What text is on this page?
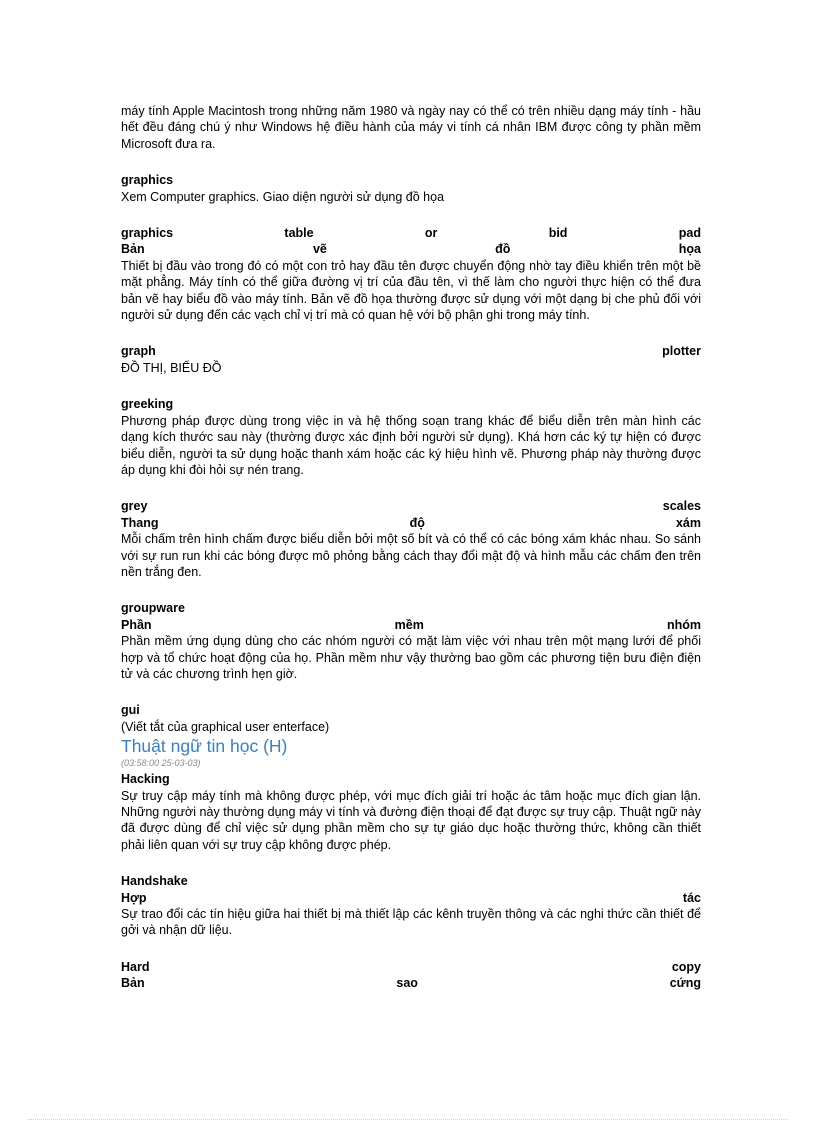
máy tính Apple Macintosh trong những năm 1980 và ngày nay có thể có trên nhiều dạng máy tính - hầu hết đều đáng chú ý như Windows hệ điều hành của máy vi tính cá nhân IBM được công ty phần mềm Microsoft đưa ra.

graphics

Xem Computer graphics. Giao diện người sử dụng đồ họa

graphics	table	or	bid	pad
Bản	vẽ	đồ	họa

Thiết bị đầu vào trong đó có một con trỏ hay đầu tên được chuyển động nhờ tay điều khiển trên một bề mặt phẳng. Máy tính có thể giữa đường vị trí của đầu tên, vì thế làm cho người thực hiện có thể đưa bản vẽ hay biểu đồ vào máy tính. Bản vẽ đồ họa thường được sử dụng với một dạng bị che phủ đối với người sử dụng đến các vạch chỉ vị trí mà có quan hệ với bộ phận ghi trong máy tính.

graph	plotter

ĐỒ THỊ, BIỂU ĐỒ

greeking

Phương pháp được dùng trong việc in và hệ thống soạn trang khác để biểu diễn trên màn hình các dạng kích thước sau này (thường được xác định bởi người sử dụng). Khá hơn các ký tự hiện có được biểu diễn, người ta sử dụng hoặc thanh xám hoặc các ký hiệu hình vẽ. Phương pháp này thường được áp dụng khi đòi hỏi sự nén trang.

grey	scales
Thang	độ	xám

Mỗi chấm trên hình chấm được biểu diễn bởi một số bít và có thể có các bóng xám khác nhau. So sánh với sự run run khi các bóng được mô phỏng bằng cách thay đổi mật độ và hình mẫu các chấm đen trên nền trắng đen.

groupware

Phần	mềm	nhóm

Phần mềm ứng dụng dùng cho các nhóm người có mặt làm việc với nhau trên một mạng lưới để phối hợp và tổ chức hoạt động của họ. Phần mềm như vậy thường bao gồm các phương tiện bưu điện điện tử và các chương trình hẹn giờ.

gui

(Viết tắt của graphical user enterface)

Thuật ngữ tin học (H)

(03:58:00 25-03-03)

Hacking

Sự truy cập máy tính mà không được phép, với mục đích giải trí hoặc ác tâm hoặc mục đích gian lận. Những người này thường dụng máy vi tính và đường điện thoại để đạt được sự truy cập. Thuật ngữ này đã được dùng để chỉ việc sử dụng phần mềm cho sự tự giáo dục hoặc thường thức, không cần thiết phải liên quan với sự truy cập không được phép.

Handshake

Hợp	tác

Sự trao đổi các tín hiệu giữa hai thiết bị mà thiết lập các kênh truyền thông và các nghi thức cần thiết để gởi và nhận dữ liệu.

Hard	copy
Bản	sao	cứng
